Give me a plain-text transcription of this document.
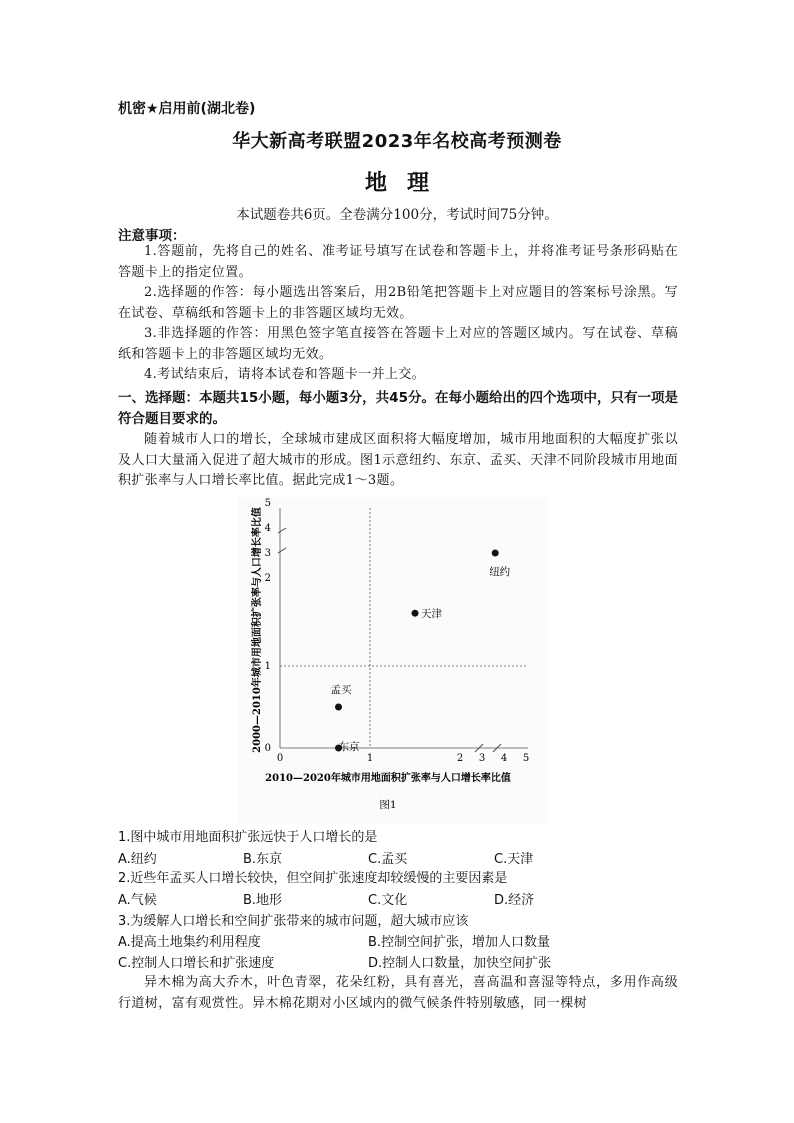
机密★启用前(湖北卷)
华大新高考联盟2023年名校高考预测卷
地理
本试题卷共6页。全卷满分100分，考试时间75分钟。
注意事项：

1.答题前，先将自己的姓名、准考证号填写在试卷和答题卡上，并将准考证号条形码贴在答题卡上的指定位置。

2.选择题的作答：每小题选出答案后，用2B铅笔把答题卡上对应题目的答案标号涂黑。写在试卷、草稿纸和答题卡上的非答题区域均无效。

3.非选择题的作答：用黑色签字笔直接答在答题卡上对应的答题区域内。写在试卷、草稿纸和答题卡上的非答题区域均无效。

4.考试结束后，请将本试卷和答题卡一并上交。

一、选择题：本题共15小题，每小题3分，共45分。在每小题给出的四个选项中，只有一项是符合题目要求的。

随着城市人口的增长，全球城市建成区面积将大幅度增加，城市用地面积的大幅度扩张以及人口大量涌入促进了超大城市的形成。图1示意纽约、东京、孟买、天津不同阶段城市用地面积扩张率与人口增长率比值。据此完成1～3题。

0
1
2
3
4
5
0	1	2 3 4 5
纽约
天津
孟买
东京
2000—2010年城市用地面积扩张率与人口增长率比值
2010—2020年城市用地面积扩张率与人口增长率比值
图1
1.图中城市用地面积扩张远快于人口增长的是
A.纽约	B.东京	C.孟买	C.天津
2.近些年孟买人口增长较快，但空间扩张速度却较缓慢的主要因素是
A.气候	B.地形	C.文化	D.经济
3.为缓解人口增长和空间扩张带来的城市问题，超大城市应该
A.提高土地集约利用程度	B.控制空间扩张，增加人口数量
C.控制人口增长和扩张速度	D.控制人口数量，加快空间扩张

异木棉为高大乔木，叶色青翠，花朵红粉，具有喜光，喜高温和喜湿等特点，多用作高级行道树，富有观赏性。异木棉花期对小区域内的微气候条件特别敏感，同一棵树
